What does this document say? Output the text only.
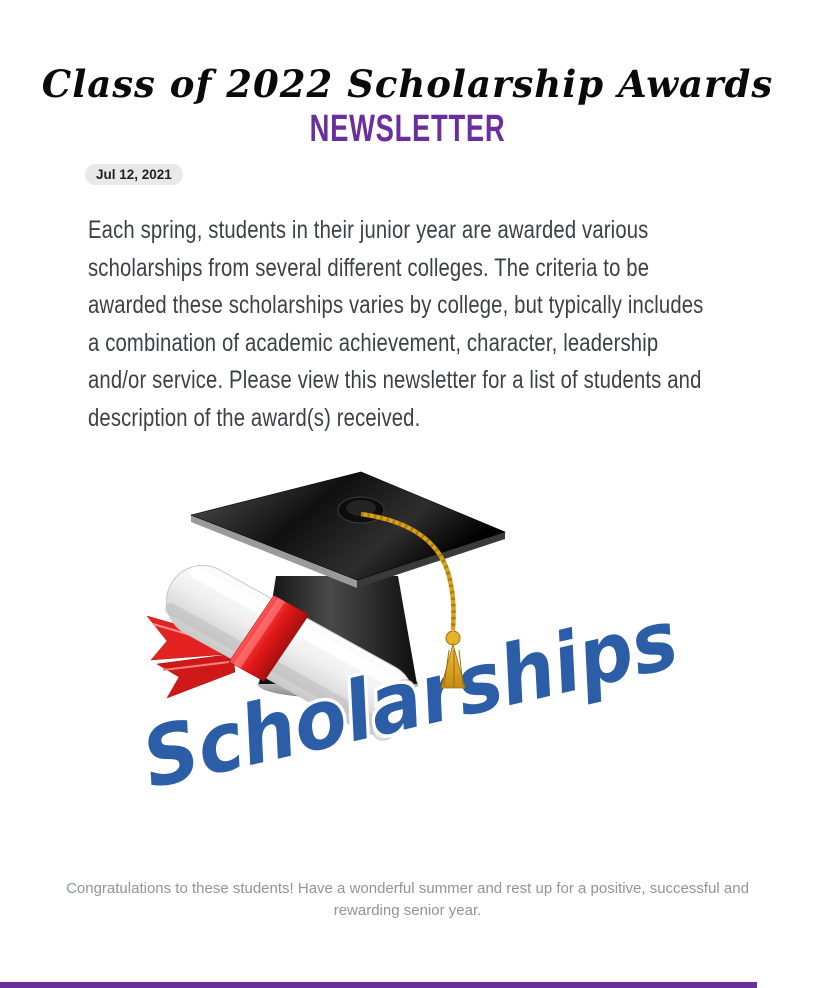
Class of 2022 Scholarship Awards
NEWSLETTER
Jul 12, 2021

Each spring, students in their junior year are awarded various scholarships from several different colleges. The criteria to be awarded these scholarships varies by college, but typically includes a combination of academic achievement, character, leadership and/or service. Please view this newsletter for a list of students and description of the award(s) received.

Scholarships

Congratulations to these students! Have a wonderful summer and rest up for a positive, successful and rewarding senior year.
